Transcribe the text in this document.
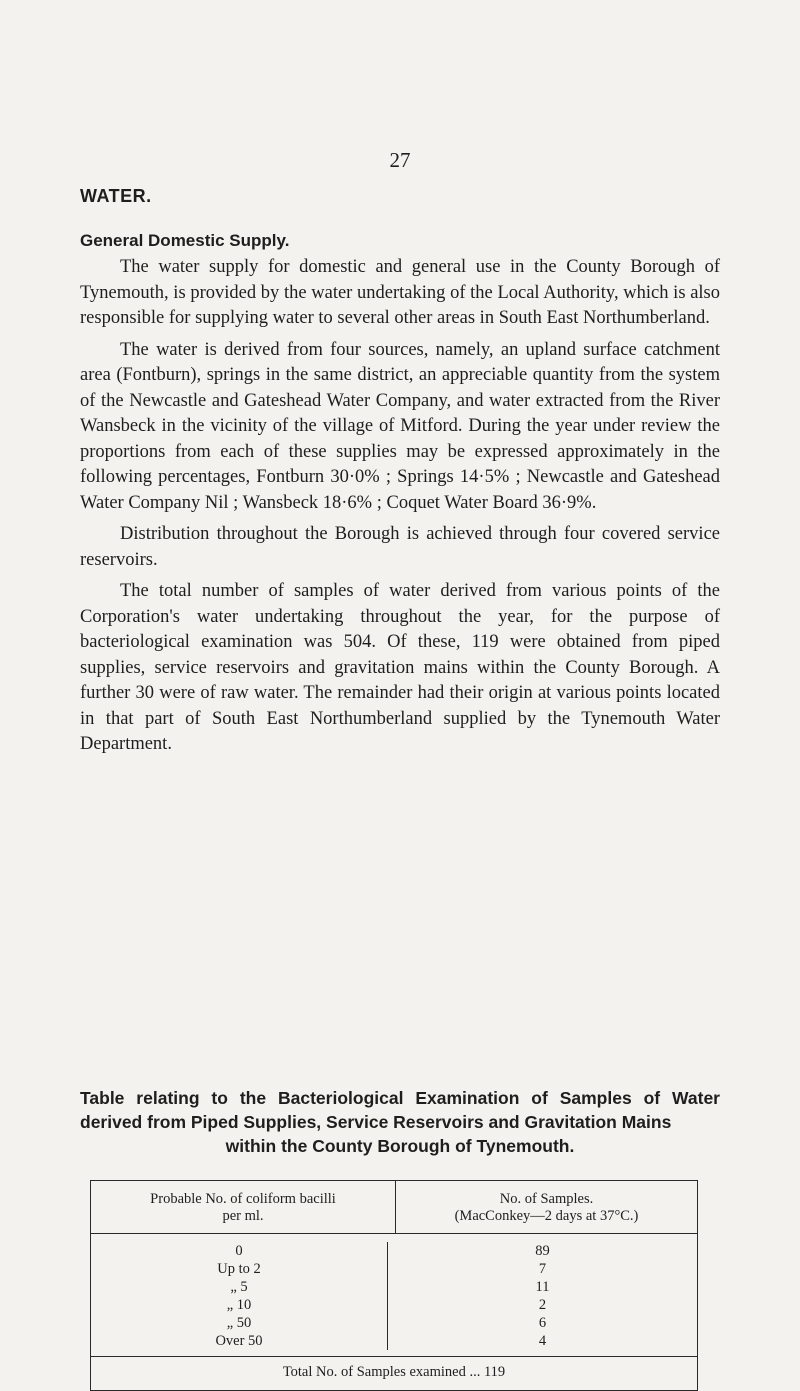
27
WATER.
General Domestic Supply.

The water supply for domestic and general use in the County Borough of Tynemouth, is provided by the water undertaking of the Local Authority, which is also responsible for supplying water to several other areas in South East Northumberland.

The water is derived from four sources, namely, an upland surface catchment area (Fontburn), springs in the same district, an appreciable quantity from the system of the Newcastle and Gateshead Water Company, and water extracted from the River Wansbeck in the vicinity of the village of Mitford. During the year under review the proportions from each of these supplies may be expressed approximately in the following percentages, Fontburn 30·0% ; Springs 14·5% ; Newcastle and Gateshead Water Company Nil ; Wansbeck 18·6% ; Coquet Water Board 36·9%.

Distribution throughout the Borough is achieved through four covered service reservoirs.

The total number of samples of water derived from various points of the Corporation's water undertaking throughout the year, for the purpose of bacteriological examination was 504. Of these, 119 were obtained from piped supplies, service reservoirs and gravitation mains within the County Borough. A further 30 were of raw water. The remainder had their origin at various points located in that part of South East Northumberland supplied by the Tynemouth Water Department.

Table relating to the Bacteriological Examination of Samples of Water derived from Piped Supplies, Service Reservoirs and Gravitation Mains
within the County Borough of Tynemouth.
Probable No. of coliform bacilli
per ml.
No. of Samples.
(MacConkey—2 days at 37°C.)
0	89
Up to 2	7
„ 5	11
„ 10	2
„ 50	6
Over 50	4
Total No. of Samples examined ... 119
